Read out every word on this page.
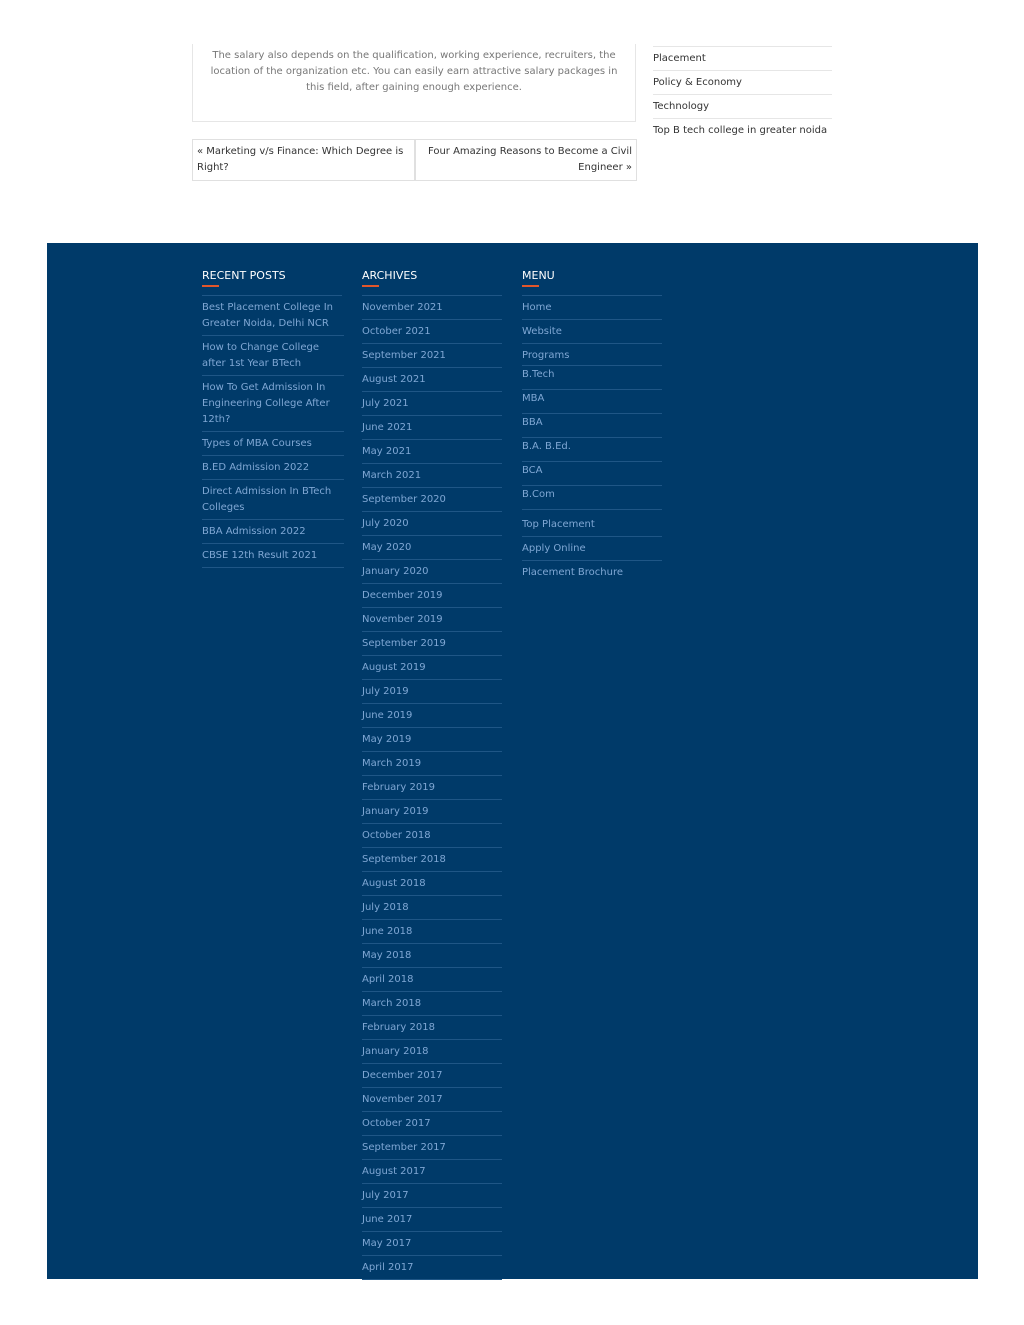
The salary also depends on the qualification, working experience, recruiters, the location of the organization etc. You can easily earn attractive salary packages in this field, after gaining enough experience.
« Marketing v/s Finance: Which Degree is Right?
Four Amazing Reasons to Become a Civil Engineer »
Placement
Policy & Economy
Technology
Top B tech college in greater noida
RECENT POSTS
Best Placement College In Greater Noida, Delhi NCR
How to Change College after 1st Year BTech
How To Get Admission In Engineering College After 12th?
Types of MBA Courses
B.ED Admission 2022
Direct Admission In BTech Colleges
BBA Admission 2022
CBSE 12th Result 2021
ARCHIVES
November 2021
October 2021
September 2021
August 2021
July 2021
June 2021
May 2021
March 2021
September 2020
July 2020
May 2020
January 2020
December 2019
November 2019
September 2019
August 2019
July 2019
June 2019
May 2019
March 2019
February 2019
January 2019
October 2018
September 2018
August 2018
July 2018
June 2018
May 2018
April 2018
March 2018
February 2018
January 2018
December 2017
November 2017
October 2017
September 2017
August 2017
July 2017
June 2017
May 2017
April 2017
MENU
Home
Website
Programs
B.Tech
MBA
BBA
B.A. B.Ed.
BCA
B.Com
Top Placement
Apply Online
Placement Brochure
